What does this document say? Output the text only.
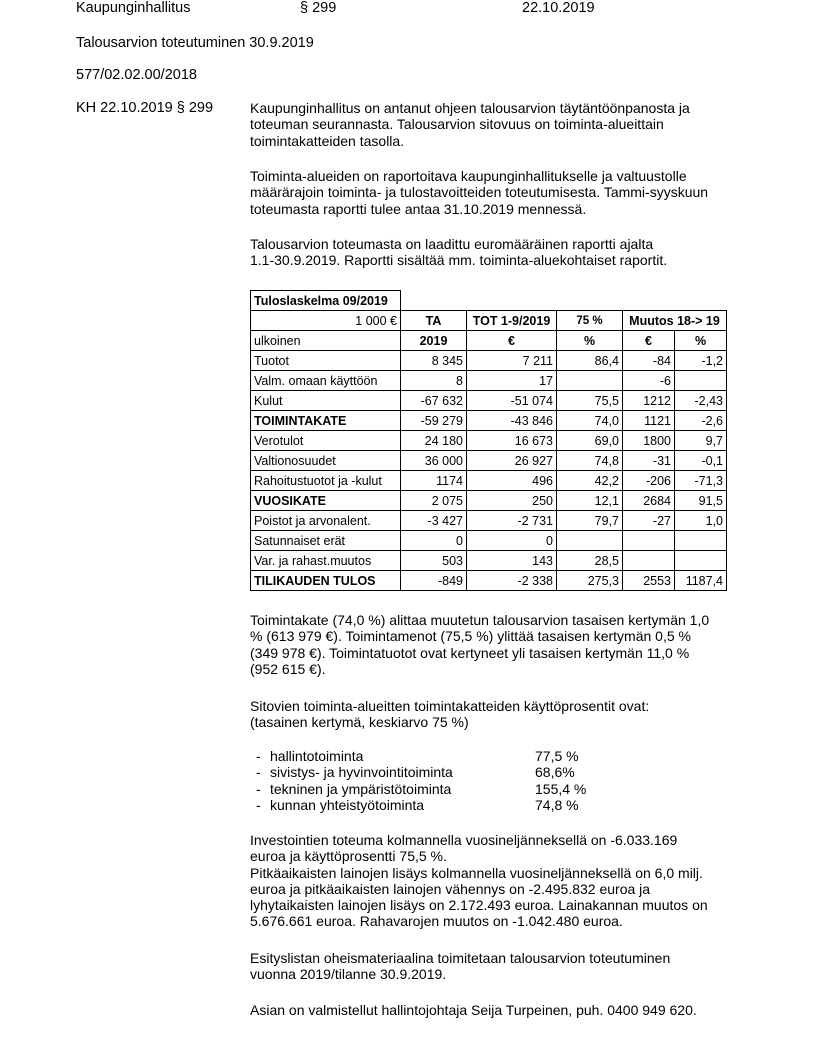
Kaupunginhallitus	§ 299	22.10.2019
Talousarvion toteutuminen 30.9.2019
577/02.02.00/2018
KH 22.10.2019 § 299	Kaupunginhallitus on antanut ohjeen talousarvion täytäntöönpanosta ja
toteuman seurannasta. Talousarvion sitovuus on toiminta-alueittain
toimintakatteiden tasolla.
Toiminta-alueiden on raportoitava kaupunginhallitukselle ja valtuustolle
määrärajoin toiminta- ja tulostavoitteiden toteutumisesta. Tammi-syyskuun
toteumasta raportti tulee antaa 31.10.2019 mennessä.
Talousarvion toteumasta on laadittu euromääräinen raportti ajalta
1.1-30.9.2019. Raportti sisältää mm. toiminta-aluekohtaiset raportit.
Tuloslaskelma 09/2019					
1 000 €	TA	TOT 1-9/2019	75 %	Muutos 18-> 19	
ulkoinen	2019	€	%	€	%
Tuotot	8 345	7 211	86,4	-84	-1,2
Valm. omaan käyttöön	8	17		-6	
Kulut	-67 632	-51 074	75,5	1212	-2,43
TOIMINTAKATE	-59 279	-43 846	74,0	1121	-2,6
Verotulot	24 180	16 673	69,0	1800	9,7
Valtionosuudet	36 000	26 927	74,8	-31	-0,1
Rahoitustuotot ja -kulut	1174	496	42,2	-206	-71,3
VUOSIKATE	2 075	250	12,1	2684	91,5
Poistot ja arvonalent.	-3 427	-2 731	79,7	-27	1,0
Satunnaiset erät	0	0			
Var. ja rahast.muutos	503	143	28,5		
TILIKAUDEN TULOS	-849	-2 338	275,3	2553	1187,4
Toimintakate (74,0 %) alittaa muutetun talousarvion tasaisen kertymän 1,0
% (613 979 €). Toimintamenot (75,5 %) ylittää tasaisen kertymän 0,5 %
(349 978 €). Toimintatuotot ovat kertyneet yli tasaisen kertymän 11,0 %
(952 615 €).
Sitovien toiminta-alueitten toimintakatteiden käyttöprosentit ovat:
(tasainen kertymä, keskiarvo 75 %)
- hallintotoiminta	77,5 %
- sivistys- ja hyvinvointitoiminta	68,6%
- tekninen ja ympäristötoiminta	155,4 %
- kunnan yhteistyötoiminta	74,8 %
Investointien toteuma kolmannella vuosineljänneksellä on -6.033.169
euroa ja käyttöprosentti 75,5 %.
Pitkäaikaisten lainojen lisäys kolmannella vuosineljänneksellä on 6,0 milj.
euroa ja pitkäaikaisten lainojen vähennys on -2.495.832 euroa ja
lyhytaikaisten lainojen lisäys on 2.172.493 euroa. Lainakannan muutos on
5.676.661 euroa. Rahavarojen muutos on -1.042.480 euroa.
Esityslistan oheismateriaalina toimitetaan talousarvion toteutuminen
vuonna 2019/tilanne 30.9.2019.
Asian on valmistellut hallintojohtaja Seija Turpeinen, puh. 0400 949 620.
